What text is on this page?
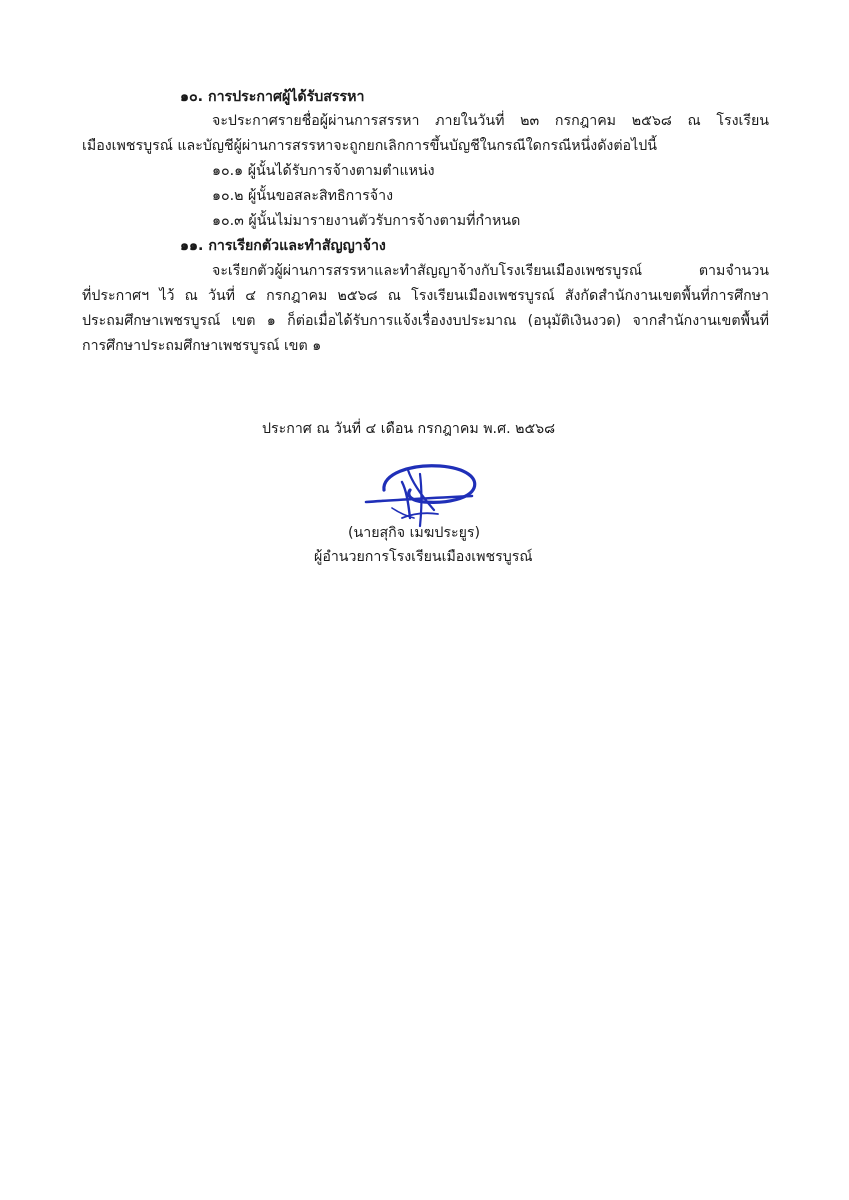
๑๐. การประกาศผู้ได้รับสรรหา
จะประกาศรายชื่อผู้ผ่านการสรรหา ภายในวันที่ ๒๓ กรกฎาคม ๒๕๖๘ ณ โรงเรียน
เมืองเพชรบูรณ์ และบัญชีผู้ผ่านการสรรหาจะถูกยกเลิกการขึ้นบัญชีในกรณีใดกรณีหนึ่งดังต่อไปนี้
๑๐.๑ ผู้นั้นได้รับการจ้างตามตำแหน่ง
๑๐.๒ ผู้นั้นขอสละสิทธิการจ้าง
๑๐.๓ ผู้นั้นไม่มารายงานตัวรับการจ้างตามที่กำหนด
๑๑. การเรียกตัวและทำสัญญาจ้าง
จะเรียกตัวผู้ผ่านการสรรหาและทำสัญญาจ้างกับโรงเรียนเมืองเพชรบูรณ์ ตามจำนวน
ที่ประกาศฯ ไว้ ณ วันที่ ๔ กรกฎาคม ๒๕๖๘ ณ โรงเรียนเมืองเพชรบูรณ์ สังกัดสำนักงานเขตพื้นที่การศึกษา
ประถมศึกษาเพชรบูรณ์ เขต ๑ ก็ต่อเมื่อได้รับการแจ้งเรื่องงบประมาณ (อนุมัติเงินงวด) จากสำนักงานเขตพื้นที่
การศึกษาประถมศึกษาเพชรบูรณ์ เขต ๑
ประกาศ ณ วันที่ ๔ เดือน กรกฎาคม พ.ศ. ๒๕๖๘
(นายสุกิจ เมฆประยูร)
ผู้อำนวยการโรงเรียนเมืองเพชรบูรณ์
